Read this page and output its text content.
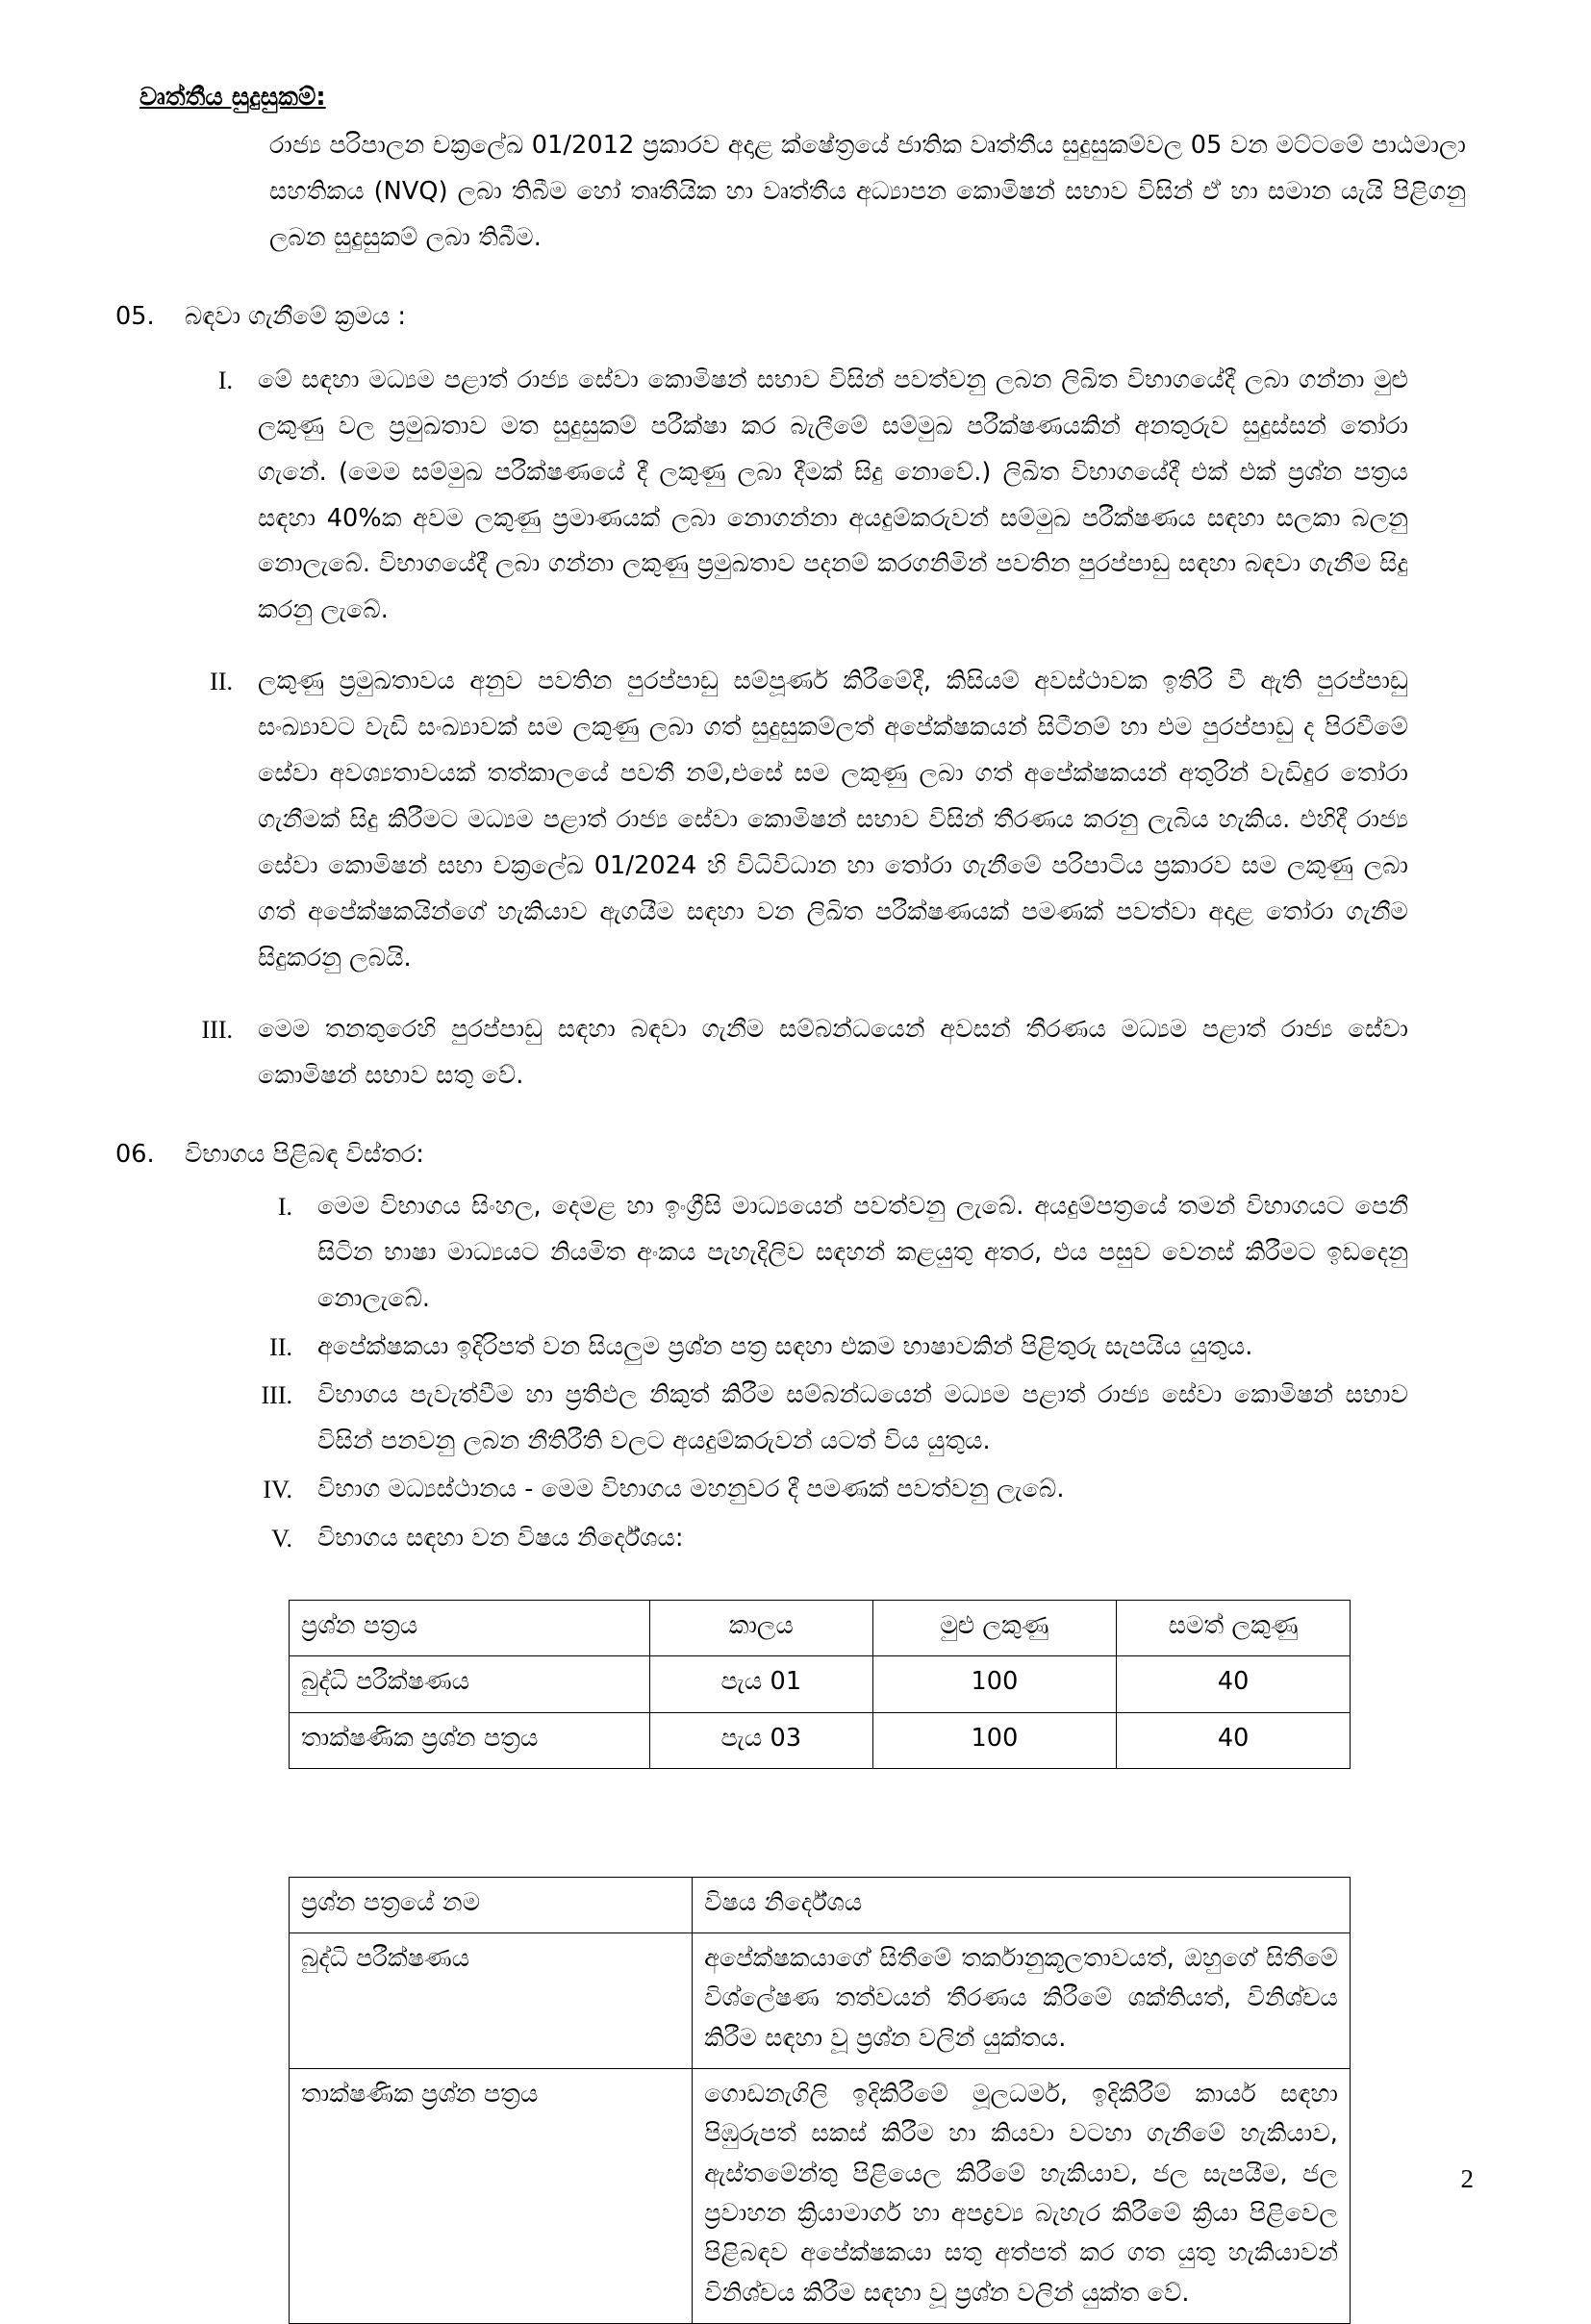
වෘත්තීය සුදුසුකම්:
රාජ්‍ය පරිපාලන චක්‍රලේඛ 01/2012 ප්‍රකාරව අදාළ ක්ෂේත්‍රයේ ජාතික වෘත්තීය සුදුසුකම්වල 05 වන මට්ටමේ පාඨමාලා සහතිකය (NVQ) ලබා තිබීම හෝ තෘතීයික හා වෘත්තීය අධ්‍යාපන කොමිෂන් සභාව විසින් ඒ හා සමාන යැයි පිළිගනු ලබන සුදුසුකම් ලබා තිබීම.
05.	බඳවා ගැනීමේ ක්‍රමය :
I.	මේ සඳහා මධ්‍යම පළාත් රාජ්‍ය සේවා කොමිෂන් සභාව විසින් පවත්වනු ලබන ලිඛිත විභාගයේදී ලබා ගන්නා මුළු ලකුණු වල ප්‍රමුඛතාව මත සුදුසුකම් පරීක්ෂා කර බැලීමේ සම්මුඛ පරීක්ෂණයකින් අනතුරුව සුදුස්සන් තෝරා ගැනේ. (මෙම සම්මුඛ පරීක්ෂණයේ දී ලකුණු ලබා දීමක් සිදු නොවේ.) ලිඛිත විභාගයේදී එක් එක් ප්‍රශ්න පත්‍රය සඳහා 40%ක අවම ලකුණු ප්‍රමාණයක් ලබා නොගන්නා අයදුම්කරුවන් සම්මුඛ පරීක්ෂණය සඳහා සලකා බලනු නොලැබේ. විභාගයේදී ලබා ගන්නා ලකුණු ප්‍රමුඛතාව පදනම් කරගනිමින් පවතින පුරප්පාඩු සඳහා බඳවා ගැනීම සිදු කරනු ලැබේ.
II.	ලකුණු ප්‍රමුඛතාවය අනුව පවතින පුරප්පාඩු සම්පූර්ණ කිරීමේදී, කිසියම් අවස්ථාවක ඉතිරි වී ඇති පුරප්පාඩු සංඛ්‍යාවට වැඩි සංඛ්‍යාවක් සම ලකුණු ලබා ගත් සුදුසුකම්ලත් අපේක්ෂකයන් සිටීනම් හා එම පුරප්පාඩු ද පිරවීමේ සේවා අවශ්‍යතාවයක් තත්කාලයේ පවතී නම්,එසේ සම ලකුණු ලබා ගත් අපේක්ෂකයන් අතුරින් වැඩිදුර තෝරා ගැනීමක් සිදු කිරීමට මධ්‍යම පළාත් රාජ්‍ය සේවා කොමිෂන් සභාව විසින් තීරණය කරනු ලැබිය හැකිය. එහිදී රාජ්‍ය සේවා කොමිෂන් සභා චක්‍රලේඛ 01/2024 හි විධිවිධාන හා තෝරා ගැනීමේ පරිපාටිය ප්‍රකාරව සම ලකුණු ලබා ගත් අපේක්ෂකයින්ගේ හැකියාව ඇගයීම සඳහා වන ලිඛිත පරීක්ෂණයක් පමණක් පවත්වා අදාළ තෝරා ගැනීම සිදුකරනු ලබයි.
III.	මෙම තනතුරෙහි පුරප්පාඩු සඳහා බඳවා ගැනීම සම්බන්ධයෙන් අවසන් තීරණය මධ්‍යම පළාත් රාජ්‍ය සේවා කොමිෂන් සභාව සතු වේ.
06.	විභාගය පිළිබඳ විස්තර:
I.	මෙම විභාගය සිංහල, දෙමළ හා ඉංග්‍රීසි මාධ්‍යයෙන් පවත්වනු ලැබේ. අයදුම්පත්‍රයේ තමන් විභාගයට පෙනී සිටින භාෂා මාධ්‍යයට නියමිත අංකය පැහැදිලිව සඳහන් කළයුතු අතර, එය පසුව වෙනස් කිරීමට ඉඩදෙනු නොලැබේ.
II.	අපේක්ෂකයා ඉදිරිපත් වන සියලුම ප්‍රශ්න පත්‍ර සඳහා එකම භාෂාවකින් පිළිතුරු සැපයිය යුතුය.
III.	විභාගය පැවැත්වීම හා ප්‍රතිඵල නිකුත් කිරීම සම්බන්ධයෙන් මධ්‍යම පළාත් රාජ්‍ය සේවා කොමිෂන් සභාව විසින් පනවනු ලබන නීතිරීති වලට අයදුම්කරුවන් යටත් විය යුතුය.
IV.	විභාග මධ්‍යස්ථානය - මෙම විභාගය මහනුවර දී පමණක් පවත්වනු ලැබේ.
V.	විභාගය සඳහා වන විෂය නිර්දේශය:
ප්‍රශ්න පත්‍රය	කාලය	මුළු ලකුණු	සමත් ලකුණු
බුද්ධි පරීක්ෂණය	පැය 01	100	40
තාක්ෂණික ප්‍රශ්න පත්‍රය	පැය 03	100	40
ප්‍රශ්න පත්‍රයේ නම	විෂය නිර්දේශය
බුද්ධි පරීක්ෂණය	අපේක්ෂකයාගේ සිතීමේ තර්කානුකූලතාවයත්, ඔහුගේ සිතීමේ විශ්ලේෂණ තත්වයන් තීරණය කිරීමේ ශක්තියත්, විනිශ්චය කිරීම සඳහා වූ ප්‍රශ්න වලින් යුක්තය.
තාක්ෂණික ප්‍රශ්න පත්‍රය	ගොඩනැගිලි ඉදිකිරීමේ මූලධර්ම, ඉදිකිරීම් කාර්ය සඳහා පිඹුරුපත් සකස් කිරීම හා කියවා වටහා ගැනීමේ හැකියාව, ඇස්තමේන්තු පිළියෙල කිරීමේ හැකියාව, ජල සැපයීම, ජල ප්‍රවාහන ක්‍රියාමාර්ග හා අපද්‍රව්‍ය බැහැර කිරීමේ ක්‍රියා පිළිවෙල පිළිබඳව අපේක්ෂකයා සතු අත්පත් කර ගත යුතු හැකියාවන් විනිශ්චය කිරීම සඳහා වූ ප්‍රශ්න වලින් යුක්ත වේ.
2
